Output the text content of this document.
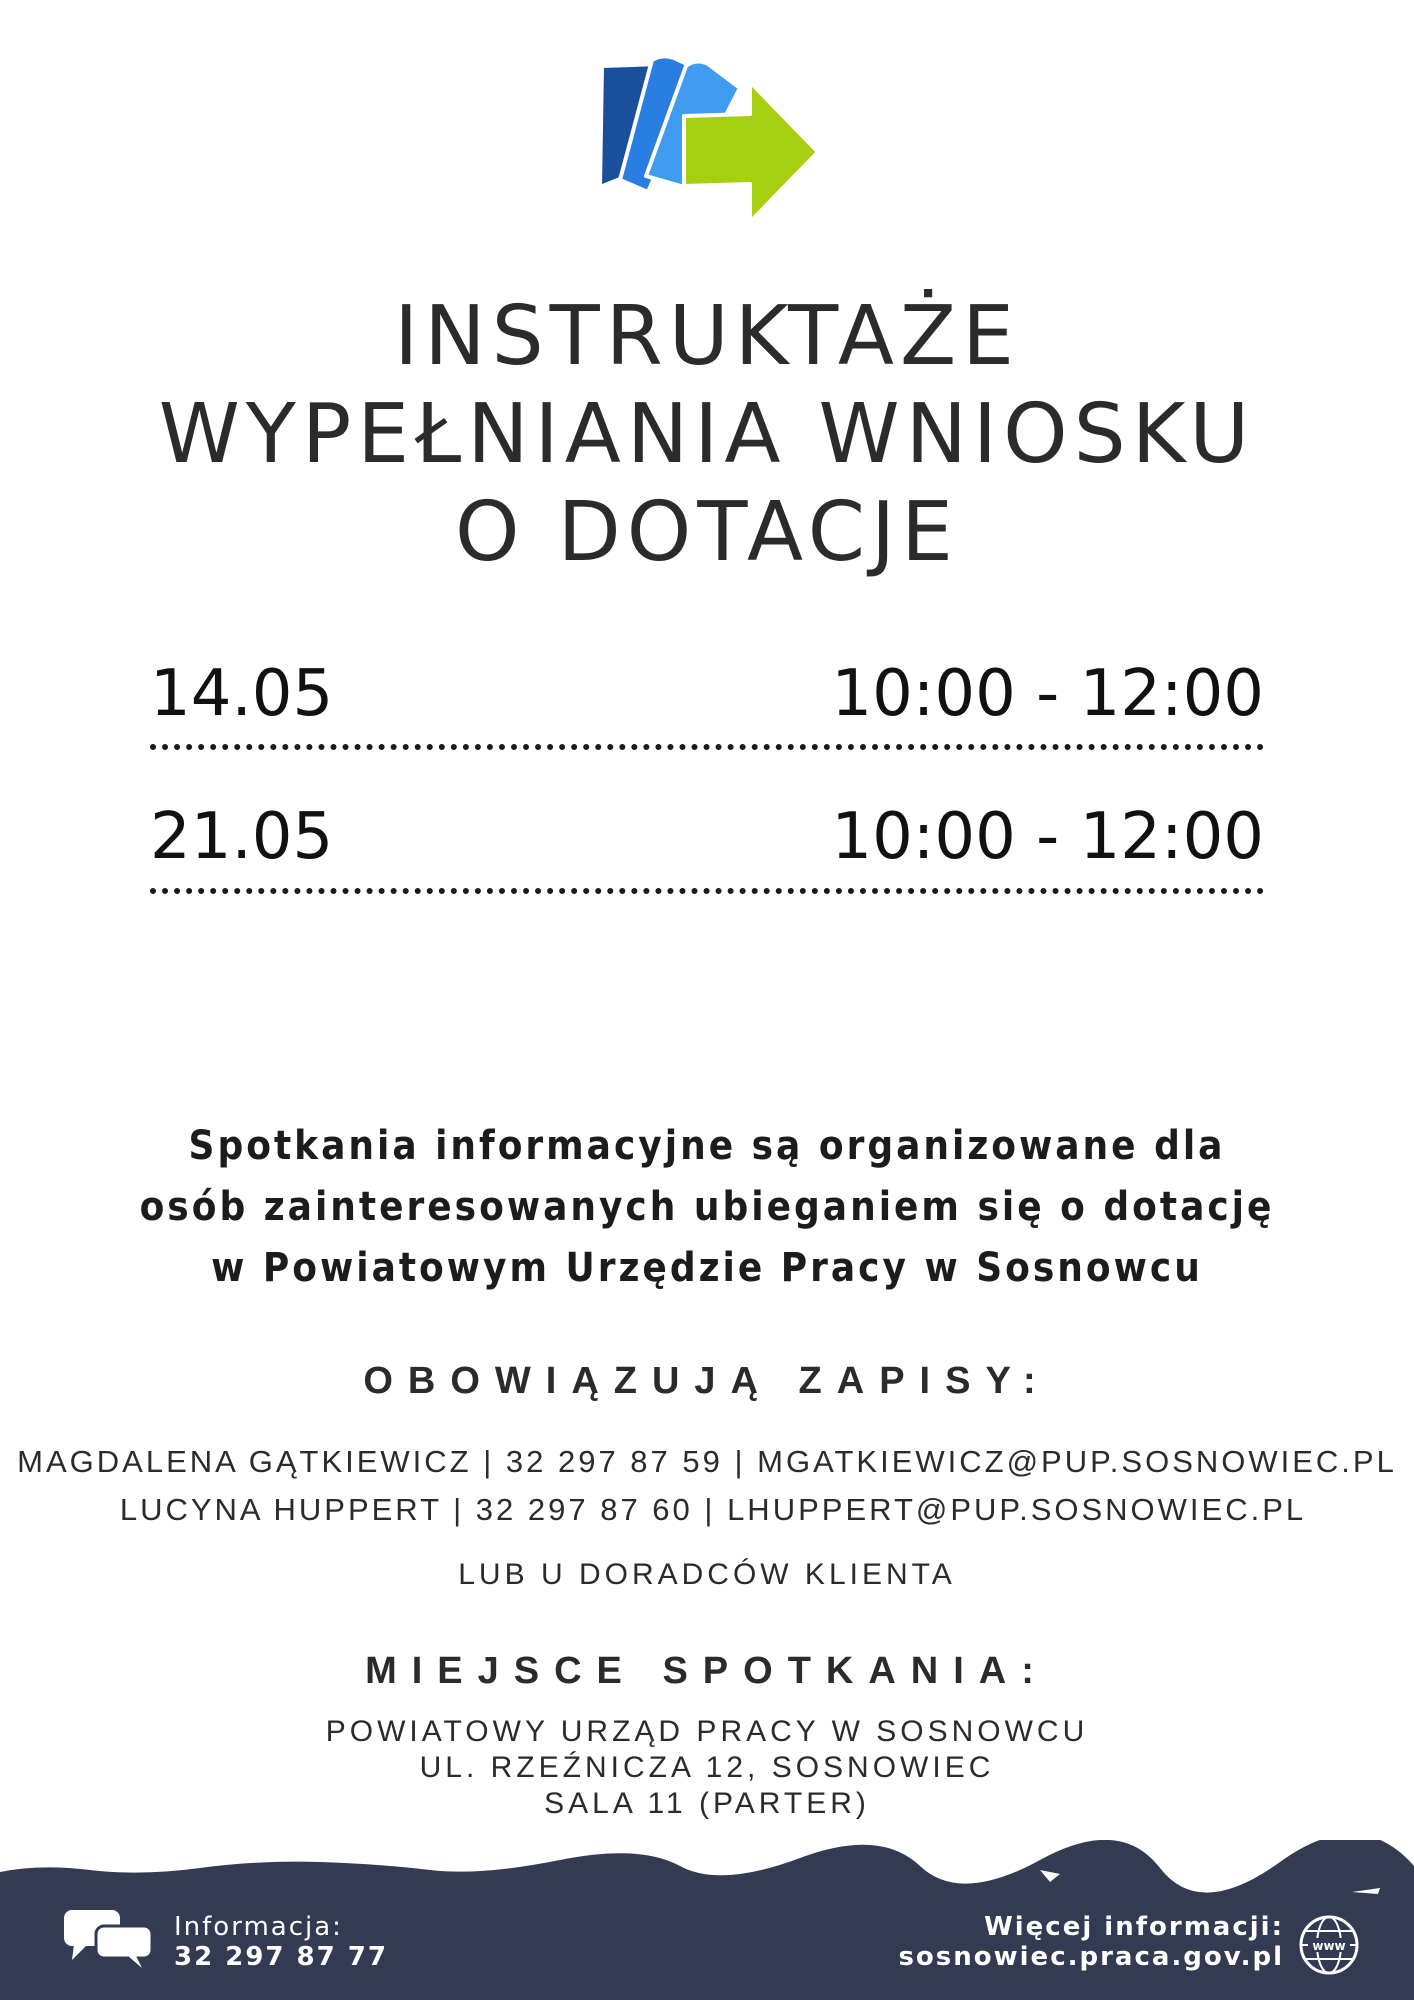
INSTRUKTAŻE
WYPEŁNIANIA WNIOSKU
O DOTACJE
14.05	10:00 - 12:00
21.05	10:00 - 12:00
Spotkania informacyjne są organizowane dla
osób zainteresowanych ubieganiem się o dotację
w Powiatowym Urzędzie Pracy w Sosnowcu
OBOWIĄZUJĄ ZAPISY:
MAGDALENA GĄTKIEWICZ | 32 297 87 59 | MGATKIEWICZ@PUP.SOSNOWIEC.PL
LUCYNA HUPPERT | 32 297 87 60 | LHUPPERT@PUP.SOSNOWIEC.PL
LUB U DORADCÓW KLIENTA
MIEJSCE SPOTKANIA:
POWIATOWY URZĄD PRACY W SOSNOWCU
UL. RZEŹNICZA 12, SOSNOWIEC
SALA 11 (PARTER)
Informacja:
32 297 87 77
Więcej informacji:
sosnowiec.praca.gov.pl www
